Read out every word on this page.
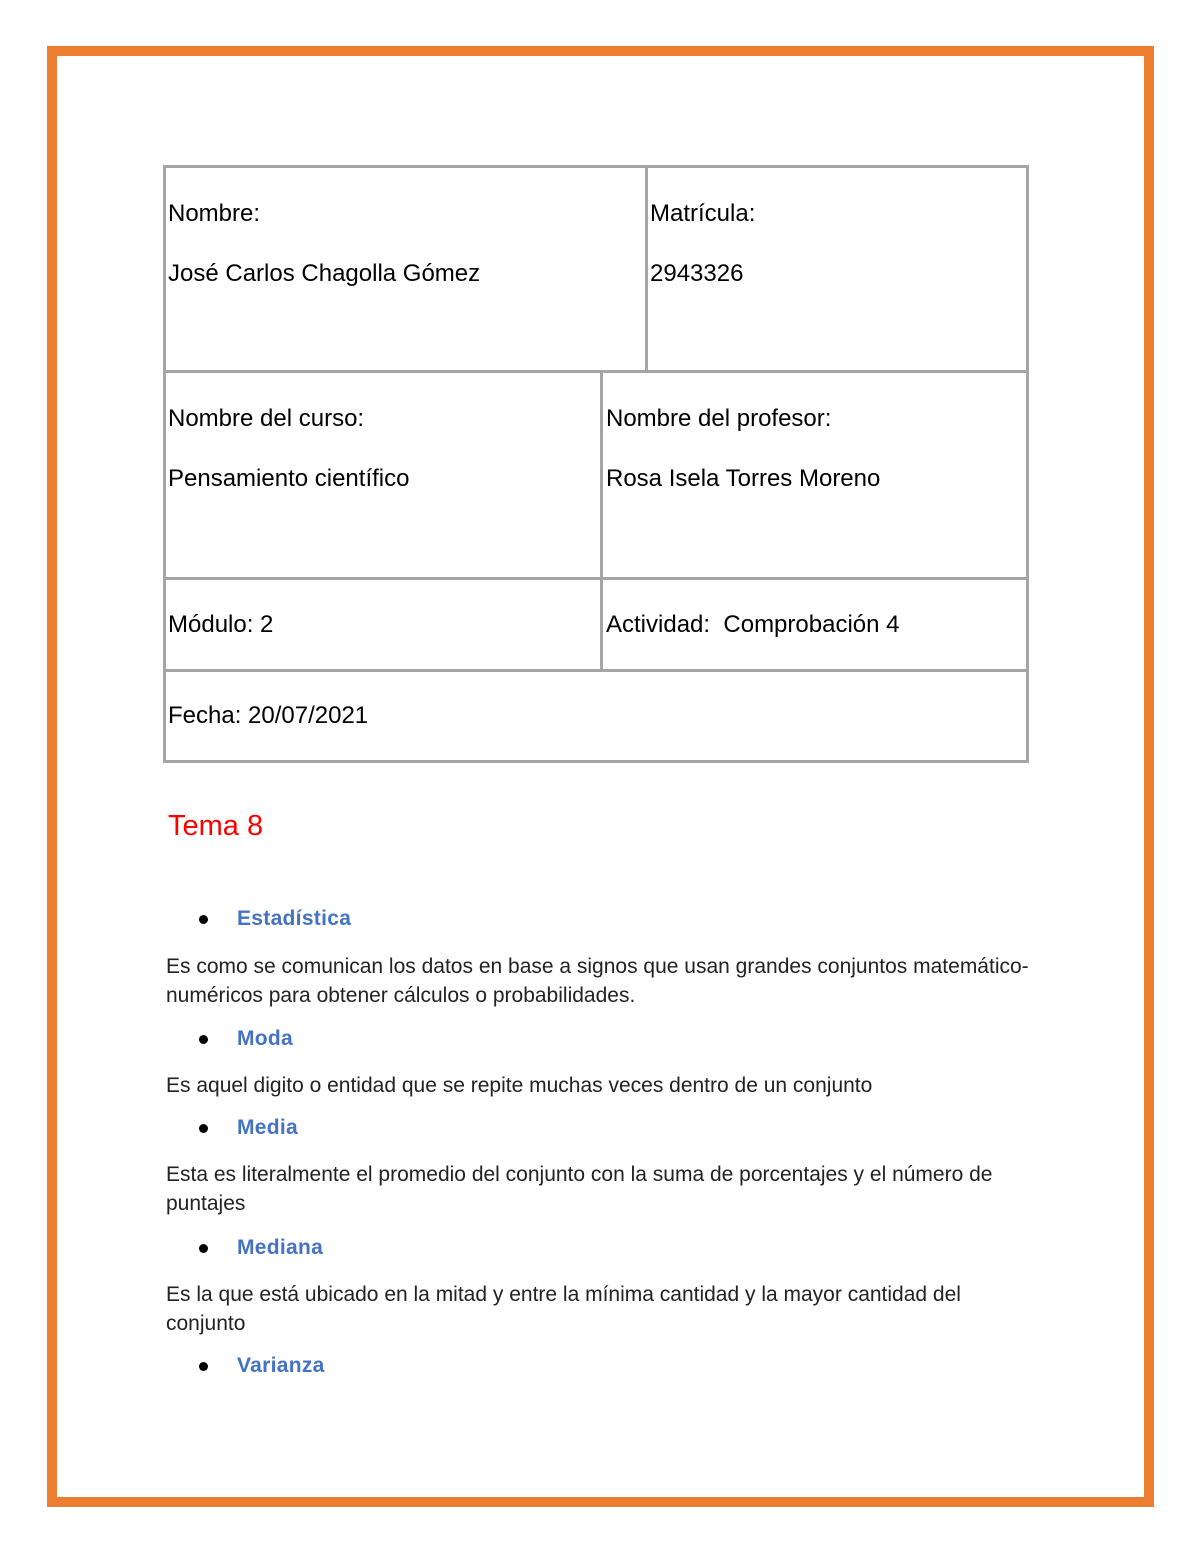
Nombre:
José Carlos Chagolla Gómez
Matrícula:
2943326
Nombre del curso:
Pensamiento científico
Nombre del profesor:
Rosa Isela Torres Moreno
Módulo: 2	Actividad:  Comprobación 4
Fecha: 20/07/2021
Tema 8
Estadística

Es como se comunican los datos en base a signos que usan grandes conjuntos matemático-numéricos para obtener cálculos o probabilidades.

Moda

Es aquel digito o entidad que se repite muchas veces dentro de un conjunto

Media

Esta es literalmente el promedio del conjunto con la suma de porcentajes y el número de puntajes

Mediana

Es la que está ubicado en la mitad y entre la mínima cantidad y la mayor cantidad del conjunto

Varianza
